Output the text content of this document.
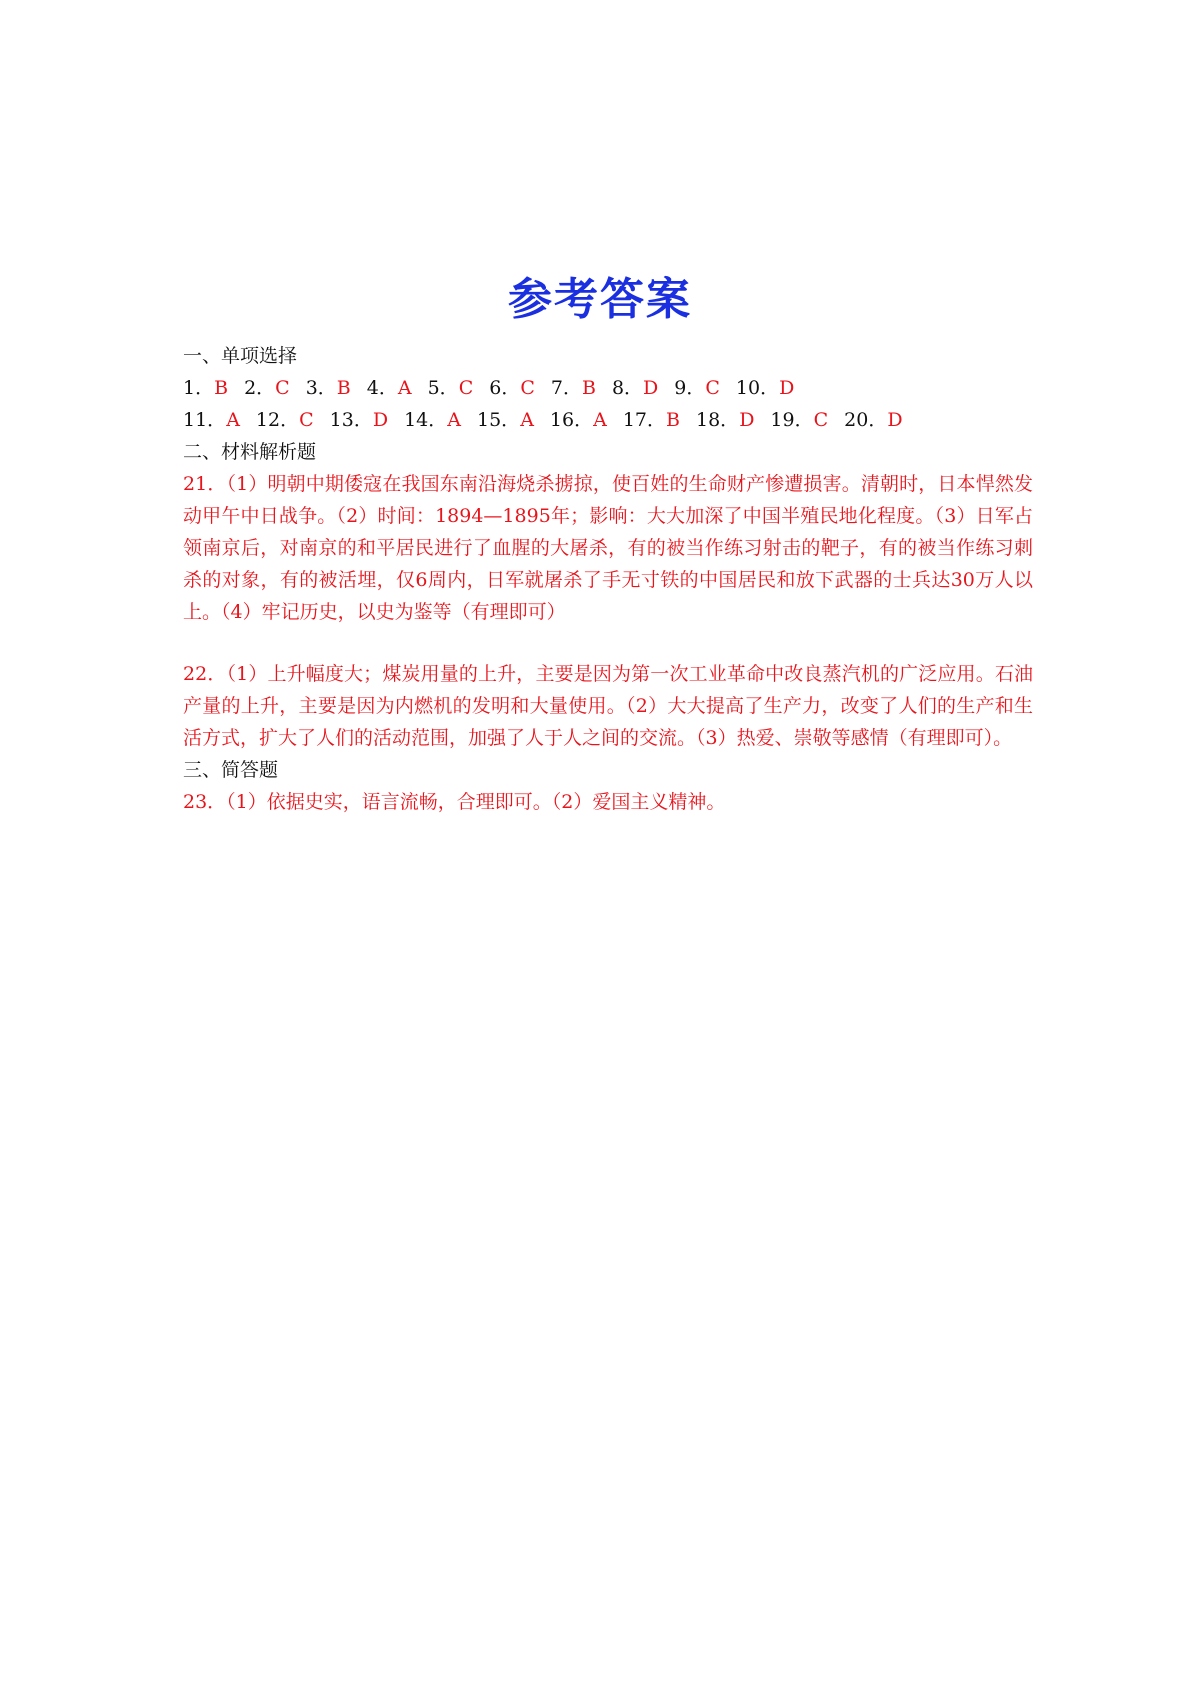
参考答案
一、单项选择
1．B 2．C 3．B 4．A 5．C 6．C 7．B 8．D 9．C 10．D
11．A 12．C 13．D 14．A 15．A 16．A 17．B 18．D 19．C 20．D
二、材料解析题
21．（1）明朝中期倭寇在我国东南沿海烧杀掳掠，使百姓的生命财产惨遭损害。清朝时，日本悍然发动甲午中日战争。（2）时间：1894—1895年；影响：大大加深了中国半殖民地化程度。（3）日军占领南京后，对南京的和平居民进行了血腥的大屠杀，有的被当作练习射击的靶子，有的被当作练习刺杀的对象，有的被活埋，仅6周内，日军就屠杀了手无寸铁的中国居民和放下武器的士兵达30万人以上。（4）牢记历史，以史为鉴等（有理即可）
22．（1）上升幅度大；煤炭用量的上升，主要是因为第一次工业革命中改良蒸汽机的广泛应用。石油产量的上升，主要是因为内燃机的发明和大量使用。（2）大大提高了生产力，改变了人们的生产和生活方式，扩大了人们的活动范围，加强了人于人之间的交流。（3）热爱、崇敬等感情（有理即可）。
三、简答题
23．（1）依据史实，语言流畅，合理即可。（2）爱国主义精神。
